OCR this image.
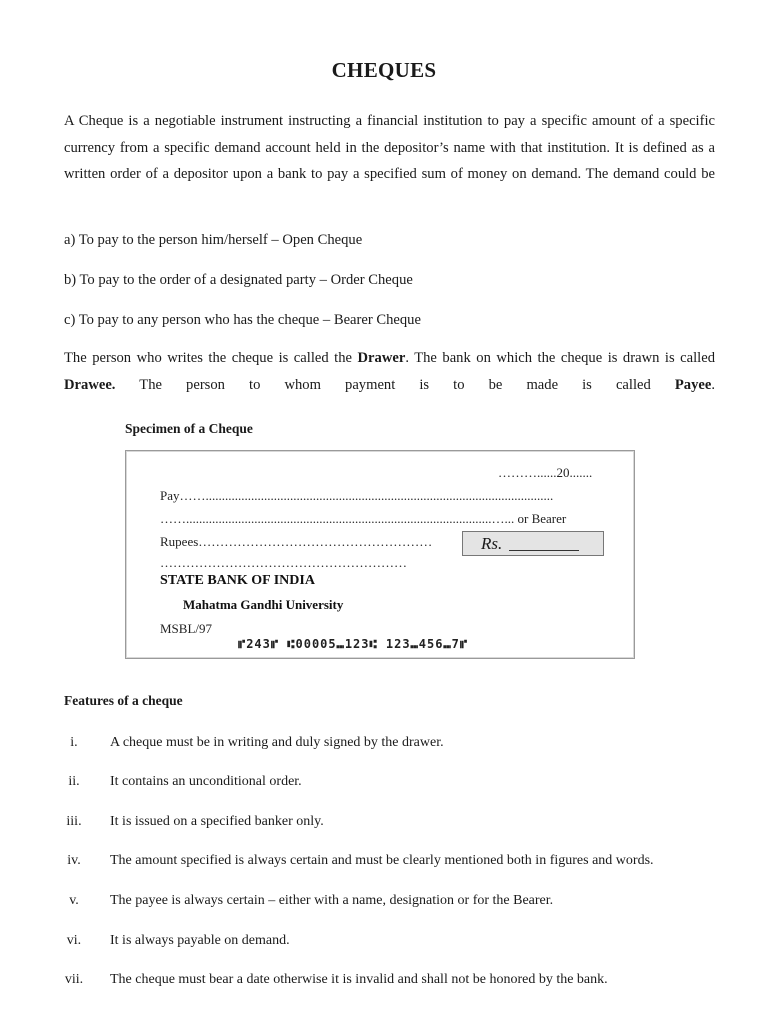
CHEQUES
A Cheque is a negotiable instrument instructing a financial institution to pay a specific amount of a specific currency from a specific demand account held in the depositor’s name with that institution. It is defined as a written order of a depositor upon a bank to pay a specified sum of money on demand. The demand could be
a) To pay to the person him/herself – Open Cheque
b) To pay to the order of a designated party – Order Cheque
c) To pay to any person who has the cheque – Bearer Cheque
The person who writes the cheque is called the Drawer. The bank on which the cheque is drawn is called Drawee. The person to whom payment is to be made is called Payee.
Specimen of a Cheque
………......20.......
Pay……...........................................................................................................
……..............................................................................................…... or Bearer
Rupees………………………………………………	Rs.
…………………………………………………
STATE BANK OF INDIA
Mahatma Gandhi University
MSBL/97
⑈243⑈ ⑆00005⑉123⑆ 123⑉456⑉7⑈
Features of a cheque
i.	A cheque must be in writing and duly signed by the drawer.
ii.	It contains an unconditional order.
iii.	It is issued on a specified banker only.
iv.	The amount specified is always certain and must be clearly mentioned both in figures and words.
v.	The payee is always certain – either with a name, designation or for the Bearer.
vi.	It is always payable on demand.
vii.	The cheque must bear a date otherwise it is invalid and shall not be honored by the bank.
